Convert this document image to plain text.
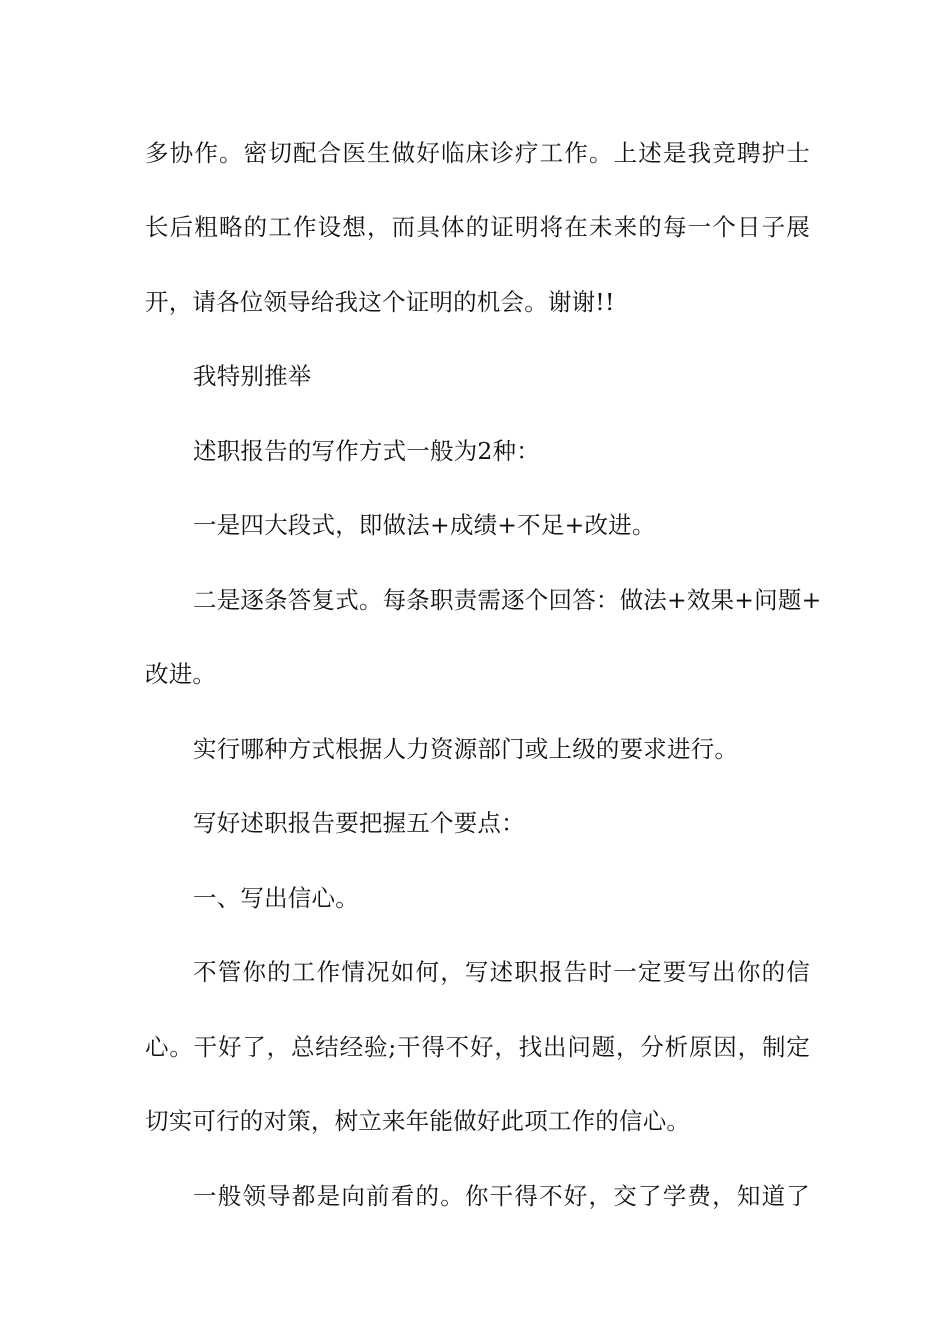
多协作。密切配合医生做好临床诊疗工作。上述是我竞聘护士
长后粗略的工作设想，而具体的证明将在未来的每一个日子展
开，请各位领导给我这个证明的机会。谢谢!!
我特别推举
述职报告的写作方式一般为2种：
一是四大段式，即做法+成绩+不足+改进。
二是逐条答复式。每条职责需逐个回答：做法+效果+问题+
改进。
实行哪种方式根据人力资源部门或上级的要求进行。
写好述职报告要把握五个要点：
一、写出信心。
不管你的工作情况如何，写述职报告时一定要写出你的信
心。干好了，总结经验;干得不好，找出问题，分析原因，制定
切实可行的对策，树立来年能做好此项工作的信心。
一般领导都是向前看的。你干得不好，交了学费，知道了
